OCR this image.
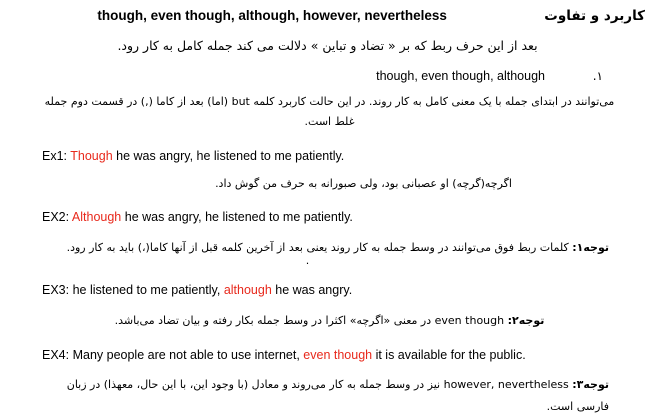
کاربرد و تفاوت
though, even though, although, however, nevertheless
بعد از این حرف ربط که بر « تضاد و تباین » دلالت می کند جمله کامل به کار رود.
۱.
though, even though, although
می‌توانند در ابتدای جمله با یک معنی کامل به کار روند. در این حالت کاربرد کلمه but (اما) بعد از کاما (,) در قسمت دوم جمله غلط است.
Ex1: Though he was angry, he listened to me patiently.
اگرچه(گرچه) او عصبانی بود، ولی صبورانه به حرف من گوش داد.
EX2: Although he was angry, he listened to me patiently.
توجه۱: کلمات ربط فوق می‌توانند در وسط جمله به کار روند یعنی بعد از آخرین کلمه قبل از آنها کاما(،) باید به کار رود.
.
EX3: he listened to me patiently, although he was angry.
توجه۲: even though در معنی «اگرچه» اکثرا در وسط جمله بکار رفته و بیان تضاد می‌باشد.
EX4: Many people are not able to use internet, even though it is available for the public.
توجه۳: however, nevertheless نیز در وسط جمله به کار می‌روند و معادل (با وجود این، با این حال، معهذا) در زبان فارسی است.
